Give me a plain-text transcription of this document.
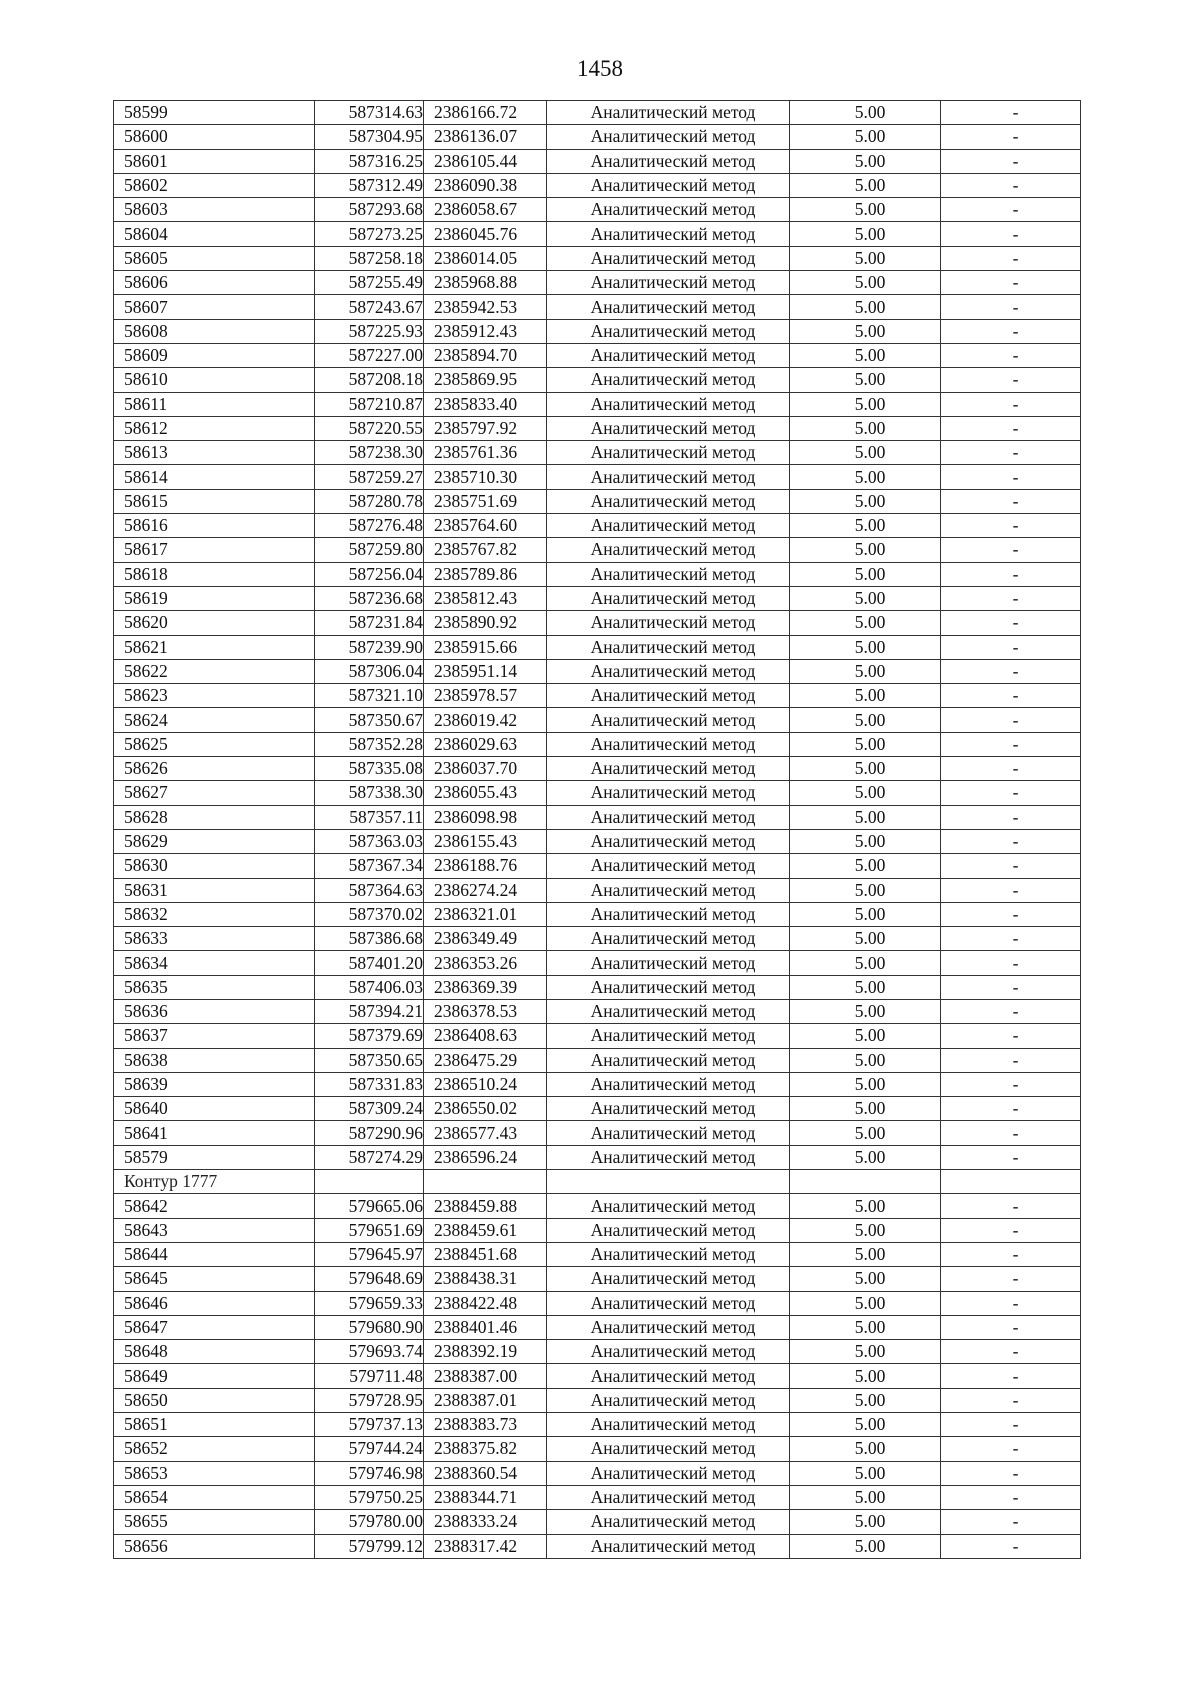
1458
58599	587314.63	2386166.72	Аналитический метод	5.00	-
58600	587304.95	2386136.07	Аналитический метод	5.00	-
58601	587316.25	2386105.44	Аналитический метод	5.00	-
58602	587312.49	2386090.38	Аналитический метод	5.00	-
58603	587293.68	2386058.67	Аналитический метод	5.00	-
58604	587273.25	2386045.76	Аналитический метод	5.00	-
58605	587258.18	2386014.05	Аналитический метод	5.00	-
58606	587255.49	2385968.88	Аналитический метод	5.00	-
58607	587243.67	2385942.53	Аналитический метод	5.00	-
58608	587225.93	2385912.43	Аналитический метод	5.00	-
58609	587227.00	2385894.70	Аналитический метод	5.00	-
58610	587208.18	2385869.95	Аналитический метод	5.00	-
58611	587210.87	2385833.40	Аналитический метод	5.00	-
58612	587220.55	2385797.92	Аналитический метод	5.00	-
58613	587238.30	2385761.36	Аналитический метод	5.00	-
58614	587259.27	2385710.30	Аналитический метод	5.00	-
58615	587280.78	2385751.69	Аналитический метод	5.00	-
58616	587276.48	2385764.60	Аналитический метод	5.00	-
58617	587259.80	2385767.82	Аналитический метод	5.00	-
58618	587256.04	2385789.86	Аналитический метод	5.00	-
58619	587236.68	2385812.43	Аналитический метод	5.00	-
58620	587231.84	2385890.92	Аналитический метод	5.00	-
58621	587239.90	2385915.66	Аналитический метод	5.00	-
58622	587306.04	2385951.14	Аналитический метод	5.00	-
58623	587321.10	2385978.57	Аналитический метод	5.00	-
58624	587350.67	2386019.42	Аналитический метод	5.00	-
58625	587352.28	2386029.63	Аналитический метод	5.00	-
58626	587335.08	2386037.70	Аналитический метод	5.00	-
58627	587338.30	2386055.43	Аналитический метод	5.00	-
58628	587357.11	2386098.98	Аналитический метод	5.00	-
58629	587363.03	2386155.43	Аналитический метод	5.00	-
58630	587367.34	2386188.76	Аналитический метод	5.00	-
58631	587364.63	2386274.24	Аналитический метод	5.00	-
58632	587370.02	2386321.01	Аналитический метод	5.00	-
58633	587386.68	2386349.49	Аналитический метод	5.00	-
58634	587401.20	2386353.26	Аналитический метод	5.00	-
58635	587406.03	2386369.39	Аналитический метод	5.00	-
58636	587394.21	2386378.53	Аналитический метод	5.00	-
58637	587379.69	2386408.63	Аналитический метод	5.00	-
58638	587350.65	2386475.29	Аналитический метод	5.00	-
58639	587331.83	2386510.24	Аналитический метод	5.00	-
58640	587309.24	2386550.02	Аналитический метод	5.00	-
58641	587290.96	2386577.43	Аналитический метод	5.00	-
58579	587274.29	2386596.24	Аналитический метод	5.00	-
Контур 1777					
58642	579665.06	2388459.88	Аналитический метод	5.00	-
58643	579651.69	2388459.61	Аналитический метод	5.00	-
58644	579645.97	2388451.68	Аналитический метод	5.00	-
58645	579648.69	2388438.31	Аналитический метод	5.00	-
58646	579659.33	2388422.48	Аналитический метод	5.00	-
58647	579680.90	2388401.46	Аналитический метод	5.00	-
58648	579693.74	2388392.19	Аналитический метод	5.00	-
58649	579711.48	2388387.00	Аналитический метод	5.00	-
58650	579728.95	2388387.01	Аналитический метод	5.00	-
58651	579737.13	2388383.73	Аналитический метод	5.00	-
58652	579744.24	2388375.82	Аналитический метод	5.00	-
58653	579746.98	2388360.54	Аналитический метод	5.00	-
58654	579750.25	2388344.71	Аналитический метод	5.00	-
58655	579780.00	2388333.24	Аналитический метод	5.00	-
58656	579799.12	2388317.42	Аналитический метод	5.00	-
